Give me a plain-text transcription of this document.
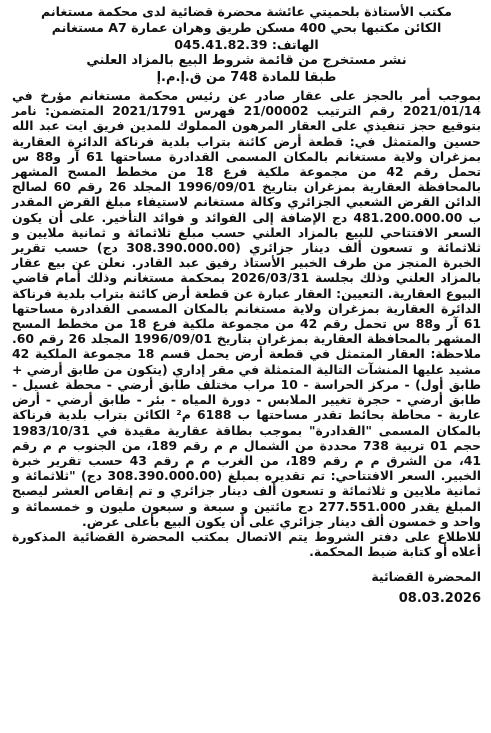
مكتب الأستاذة بلحميتي عائشة محضرة قضائية لدى محكمة مستغانم
الكائن مكتبها بحي 400 مسكن طريق وهران عمارة A7 مستغانم
الهاتف: 045.41.82.39
نشر مستخرج من قائمة شروط البيع بالمزاد العلني
طبقا للمادة 748 من ق.إ.م.إ

بموجب أمر بالحجز على عقار صادر عن رئيس محكمة مستغانم مؤرخ في 2021/01/14 رقم الترتيب 21/00002 فهرس 2021/1791 المتضمن: نامر بتوقيع حجز تنفيذي على العقار المرهون المملوك للمدين فريق ايت عبد الله حسين والمتمثل في: قطعة أرض كائنة بتراب بلدية فرناكة الدائرة العقارية بمزغران ولاية مستغانم بالمكان المسمى القدادرة مساحتها 61 آر و88 س تحمل رقم 42 من مجموعة ملكية فرع 18 من مخطط المسح المشهر بالمحافظة العقارية بمزغران بتاريخ 1996/09/01 المجلد 26 رقم 60 لصالح الدائن القرض الشعبي الجزائري وكالة مستغانم لاستيفاء مبلغ القرض المقدر ب 481.200.000.00 دج الإضافة إلى الفوائد و فوائد التأخير. على أن يكون السعر الافتتاحي للبيع بالمزاد العلني حسب مبلغ ثلاثمائة و ثمانية ملايين و ثلاثمائة و تسعون ألف دينار جزائري (308.390.000.00 دج) حسب تقرير الخبرة المنجز من طرف الخبير الأستاذ رفيق عبد القادر. نعلن عن بيع عقار بالمزاد العلني وذلك بجلسة 2026/03/31 بمحكمة مستغانم وذلك أمام قاضي البيوع العقارية. التعيين: العقار عبارة عن قطعة أرض كائنة بتراب بلدية فرناكة الدائرة العقارية بمزغران ولاية مستغانم بالمكان المسمى القدادرة مساحتها 61 آر و88 س تحمل رقم 42 من مجموعة ملكية فرع 18 من مخطط المسح المشهر بالمحافظة العقارية بمزغران بتاريخ 1996/09/01 المجلد 26 رقم 60. ملاحظة: العقار المتمثل في قطعة أرض يحمل قسم 18 مجموعة الملكية 42 مشيد عليها المنشآت التالية المتمثلة في مقر إداري (يتكون من طابق أرضي + طابق أول) - مركز الحراسة - 10 مراب مختلف طابق أرضي - محطة غسيل - طابق أرضي - حجرة تغيير الملابس - دورة المياه - بئر - طابق أرضي - أرض عارية - محاطة بحائط تقدر مساحتها ب 6188 م² الكائن بتراب بلدية فرناكة بالمكان المسمى "القدادرة" بموجب بطاقة عقارية مقيدة في 1983/10/31 حجم 01 تربية 738 محددة من الشمال م م رقم 189، من الجنوب م م رقم 41، من الشرق م م رقم 189، من الغرب م م رقم 43 حسب تقرير خبرة الخبير. السعر الافتتاحي: تم تقديره بمبلغ (308.390.000.00 دج) "ثلاثمائة و ثمانية ملايين و ثلاثمائة و تسعون ألف دينار جزائري و تم إنقاص العشر ليصبح المبلغ يقدر 277.551.000 دج مائتين و سبعة و سبعون مليون و خمسمائة و واحد و خمسون ألف دينار جزائري على أن يكون البيع بأعلى عرض.

للاطلاع على دفتر الشروط يتم الاتصال بمكتب المحضرة القضائية المذكورة أعلاه أو كتابة ضبط المحكمة.

المحضرة القضائية
08.03.2026
